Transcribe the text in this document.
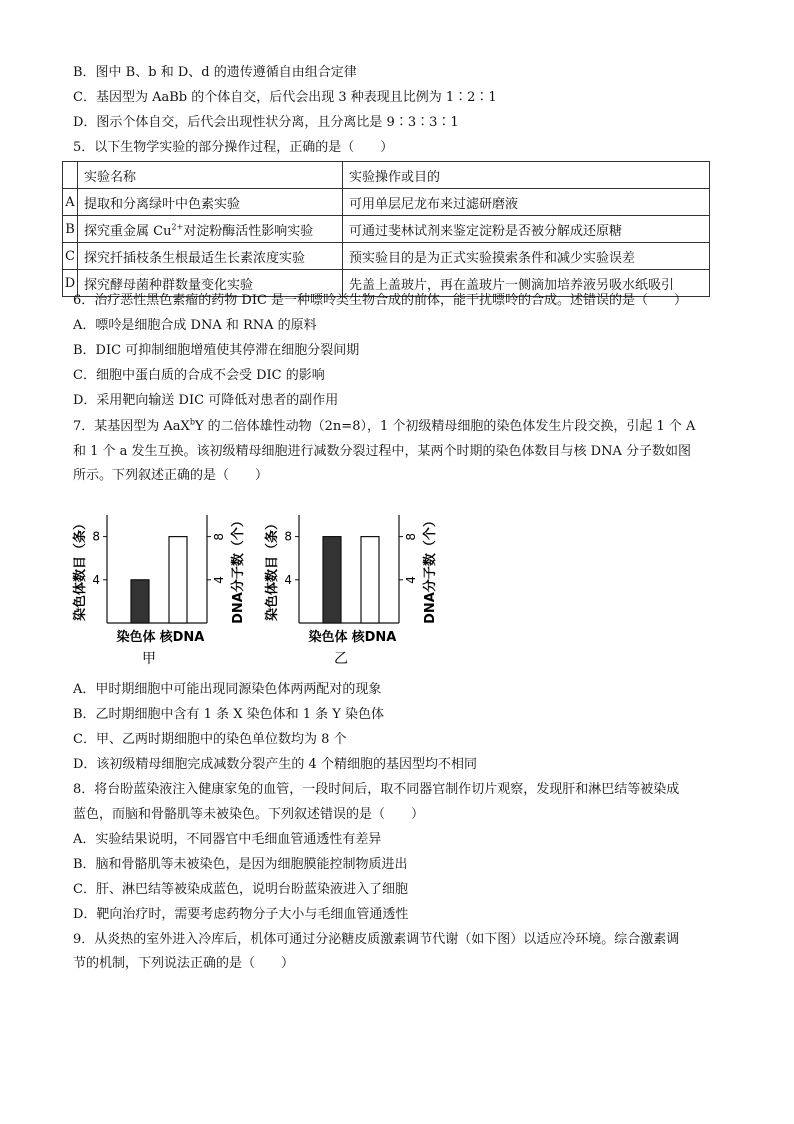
B．图中 B、b 和 D、d 的遗传遵循自由组合定律
C．基因型为 AaBb 的个体自交，后代会出现 3 种表现且比例为 1∶2∶1
D．图示个体自交，后代会出现性状分离，且分离比是 9∶3∶3∶1
5．以下生物学实验的部分操作过程，正确的是（　　）
	实验名称	实验操作或目的
A	提取和分离绿叶中色素实验	可用单层尼龙布来过滤研磨液
B	探究重金属 $Cu^{2+}$对淀粉酶活性影响实验	可通过斐林试剂来鉴定淀粉是否被分解成还原糖
C	探究扦插枝条生根最适生长素浓度实验	预实验目的是为正式实验摸索条件和减少实验误差
D	探究酵母菌种群数量变化实验	先盖上盖玻片，再在盖玻片一侧滴加培养液另吸水纸吸引
6．治疗恶性黑色素瘤的药物 DIC 是一种嘌呤类生物合成的前体，能干扰嘌呤的合成。述错误的是（　　）
A．嘌呤是细胞合成 DNA 和 RNA 的原料
B．DIC 可抑制细胞增殖使其停滞在细胞分裂间期
C．细胞中蛋白质的合成不会受 DIC 的影响
D．采用靶向输送 DIC 可降低对患者的副作用
7．某基因型为 AaX$^b$Y 的二倍体雄性动物（2n=8），1 个初级精母细胞的染色体发生片段交换，引起 1 个 A
和 1 个 a 发生互换。该初级精母细胞进行减数分裂过程中，某两个时期的染色体数目与核 DNA 分子数如图
所示。下列叙述正确的是（　　）
染色体数目（条）	DNA分子数（个）
4	4
8	8
染色体 核DNA
甲
染色体数目（条）	DNA分子数（个）
4	4
8	8
染色体 核DNA
乙
A．甲时期细胞中可能出现同源染色体两两配对的现象
B．乙时期细胞中含有 1 条 X 染色体和 1 条 Y 染色体
C．甲、乙两时期细胞中的染色单位数均为 8 个
D．该初级精母细胞完成减数分裂产生的 4 个精细胞的基因型均不相同
8．将台盼蓝染液注入健康家兔的血管，一段时间后，取不同器官制作切片观察，发现肝和淋巴结等被染成
蓝色，而脑和骨骼肌等未被染色。下列叙述错误的是（　　）
A．实验结果说明，不同器官中毛细血管通透性有差异
B．脑和骨骼肌等未被染色，是因为细胞膜能控制物质进出
C．肝、淋巴结等被染成蓝色，说明台盼蓝染液进入了细胞
D．靶向治疗时，需要考虑药物分子大小与毛细血管通透性
9．从炎热的室外进入冷库后，机体可通过分泌糖皮质激素调节代谢（如下图）以适应冷环境。综合激素调
节的机制，下列说法正确的是（　　）
